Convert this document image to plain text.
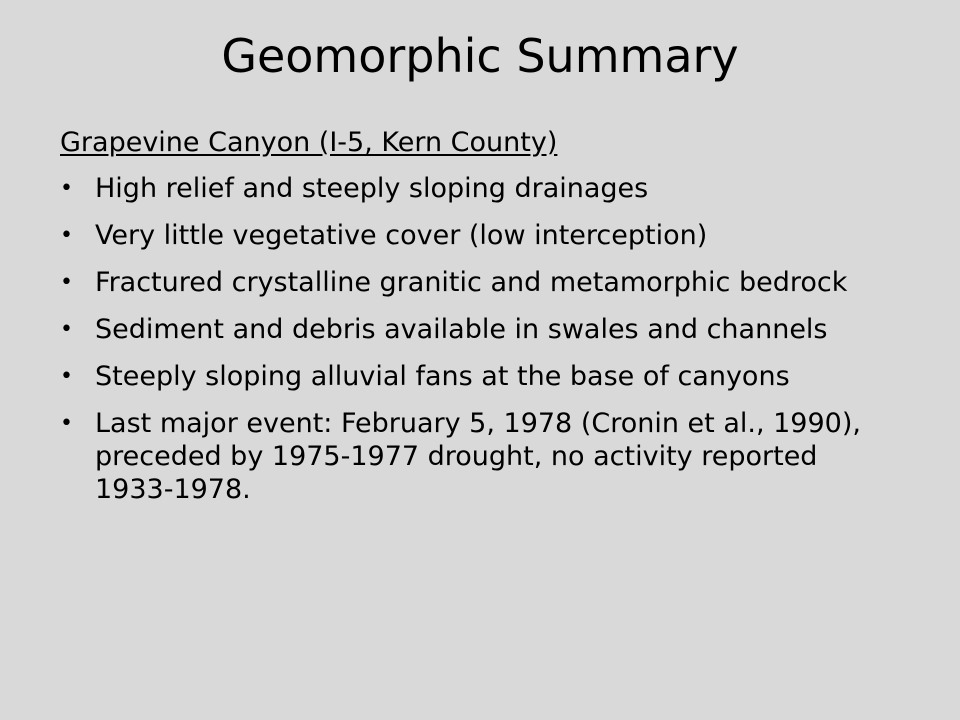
Geomorphic Summary
Grapevine Canyon (I-5, Kern County)
• High relief and steeply sloping drainages
• Very little vegetative cover (low interception)
• Fractured crystalline granitic and metamorphic bedrock
• Sediment and debris available in swales and channels
• Steeply sloping alluvial fans at the base of canyons
• Last major event: February 5, 1978 (Cronin et al., 1990), preceded by 1975-1977 drought, no activity reported 1933-1978.
